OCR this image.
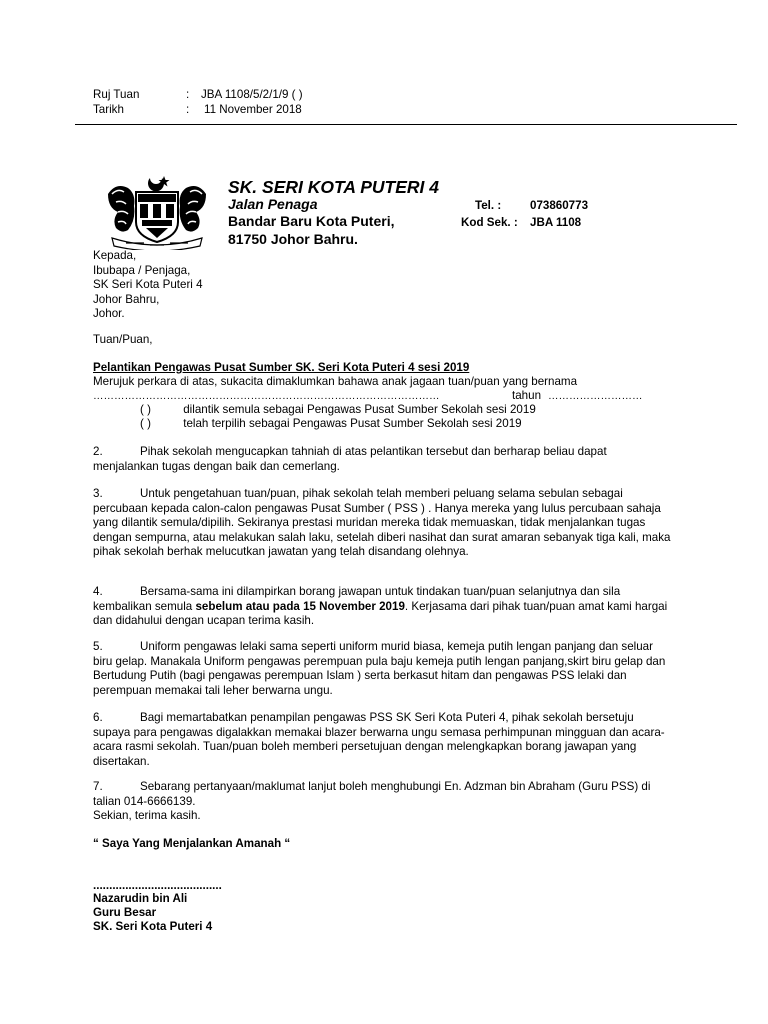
Ruj Tuan	: JBA 1108/5/2/1/9 ( )
Tarikh	: 11 November 2018
SK. SERI KOTA PUTERI 4
Jalan Penaga
Bandar Baru Kota Puteri,
81750 Johor Bahru.
Tel. : 073860773
Kod Sek. : JBA 1108

Kepada,

Ibubapa / Penjaga,

SK Seri Kota Puteri 4

Johor Bahru,

Johor.

Tuan/Puan,
Pelantikan Pengawas Pusat Sumber SK. Seri Kota Puteri 4 sesi 2019
Merujuk perkara di atas, sukacita dimaklumkan bahawa anak jagaan tuan/puan yang bernama
………………………………………………………………………………………	tahun ………………………
( )	dilantik semula sebagai Pengawas Pusat Sumber Sekolah sesi 2019
( )	telah terpilih sebagai Pengawas Pusat Sumber Sekolah sesi 2019

2.	Pihak sekolah mengucapkan tahniah di atas pelantikan tersebut dan berharap beliau dapat menjalankan tugas dengan baik dan cemerlang.

3.	Untuk pengetahuan tuan/puan, pihak sekolah telah memberi peluang selama sebulan sebagai percubaan kepada calon-calon pengawas Pusat Sumber ( PSS ) . Hanya mereka yang lulus percubaan sahaja yang dilantik semula/dipilih. Sekiranya prestasi muridan mereka tidak memuaskan, tidak menjalankan tugas dengan sempurna, atau melakukan salah laku, setelah diberi nasihat dan surat amaran sebanyak tiga kali, maka pihak sekolah berhak melucutkan jawatan yang telah disandang olehnya.

4.	Bersama-sama ini dilampirkan borang jawapan untuk tindakan tuan/puan selanjutnya dan sila kembalikan semula sebelum atau pada 15 November 2019. Kerjasama dari pihak tuan/puan amat kami hargai dan didahului dengan ucapan terima kasih.

5.	Uniform pengawas lelaki sama seperti uniform murid biasa, kemeja putih lengan panjang dan seluar biru gelap. Manakala Uniform pengawas perempuan pula baju kemeja putih lengan panjang,skirt biru gelap dan Bertudung Putih (bagi pengawas perempuan Islam ) serta berkasut hitam dan pengawas PSS lelaki dan perempuan memakai tali leher berwarna ungu.

6.	Bagi memartabatkan penampilan pengawas PSS SK Seri Kota Puteri 4, pihak sekolah bersetuju supaya para pengawas digalakkan memakai blazer berwarna ungu semasa perhimpunan mingguan dan acara-acara rasmi sekolah. Tuan/puan boleh memberi persetujuan dengan melengkapkan borang jawapan yang disertakan.

7.	Sebarang pertanyaan/maklumat lanjut boleh menghubungi En. Adzman bin Abraham (Guru PSS) di talian 014-6666139.

Sekian, terima kasih.

“ Saya Yang Menjalankan Amanah “
........................................
Nazarudin bin Ali
Guru Besar
SK. Seri Kota Puteri 4
